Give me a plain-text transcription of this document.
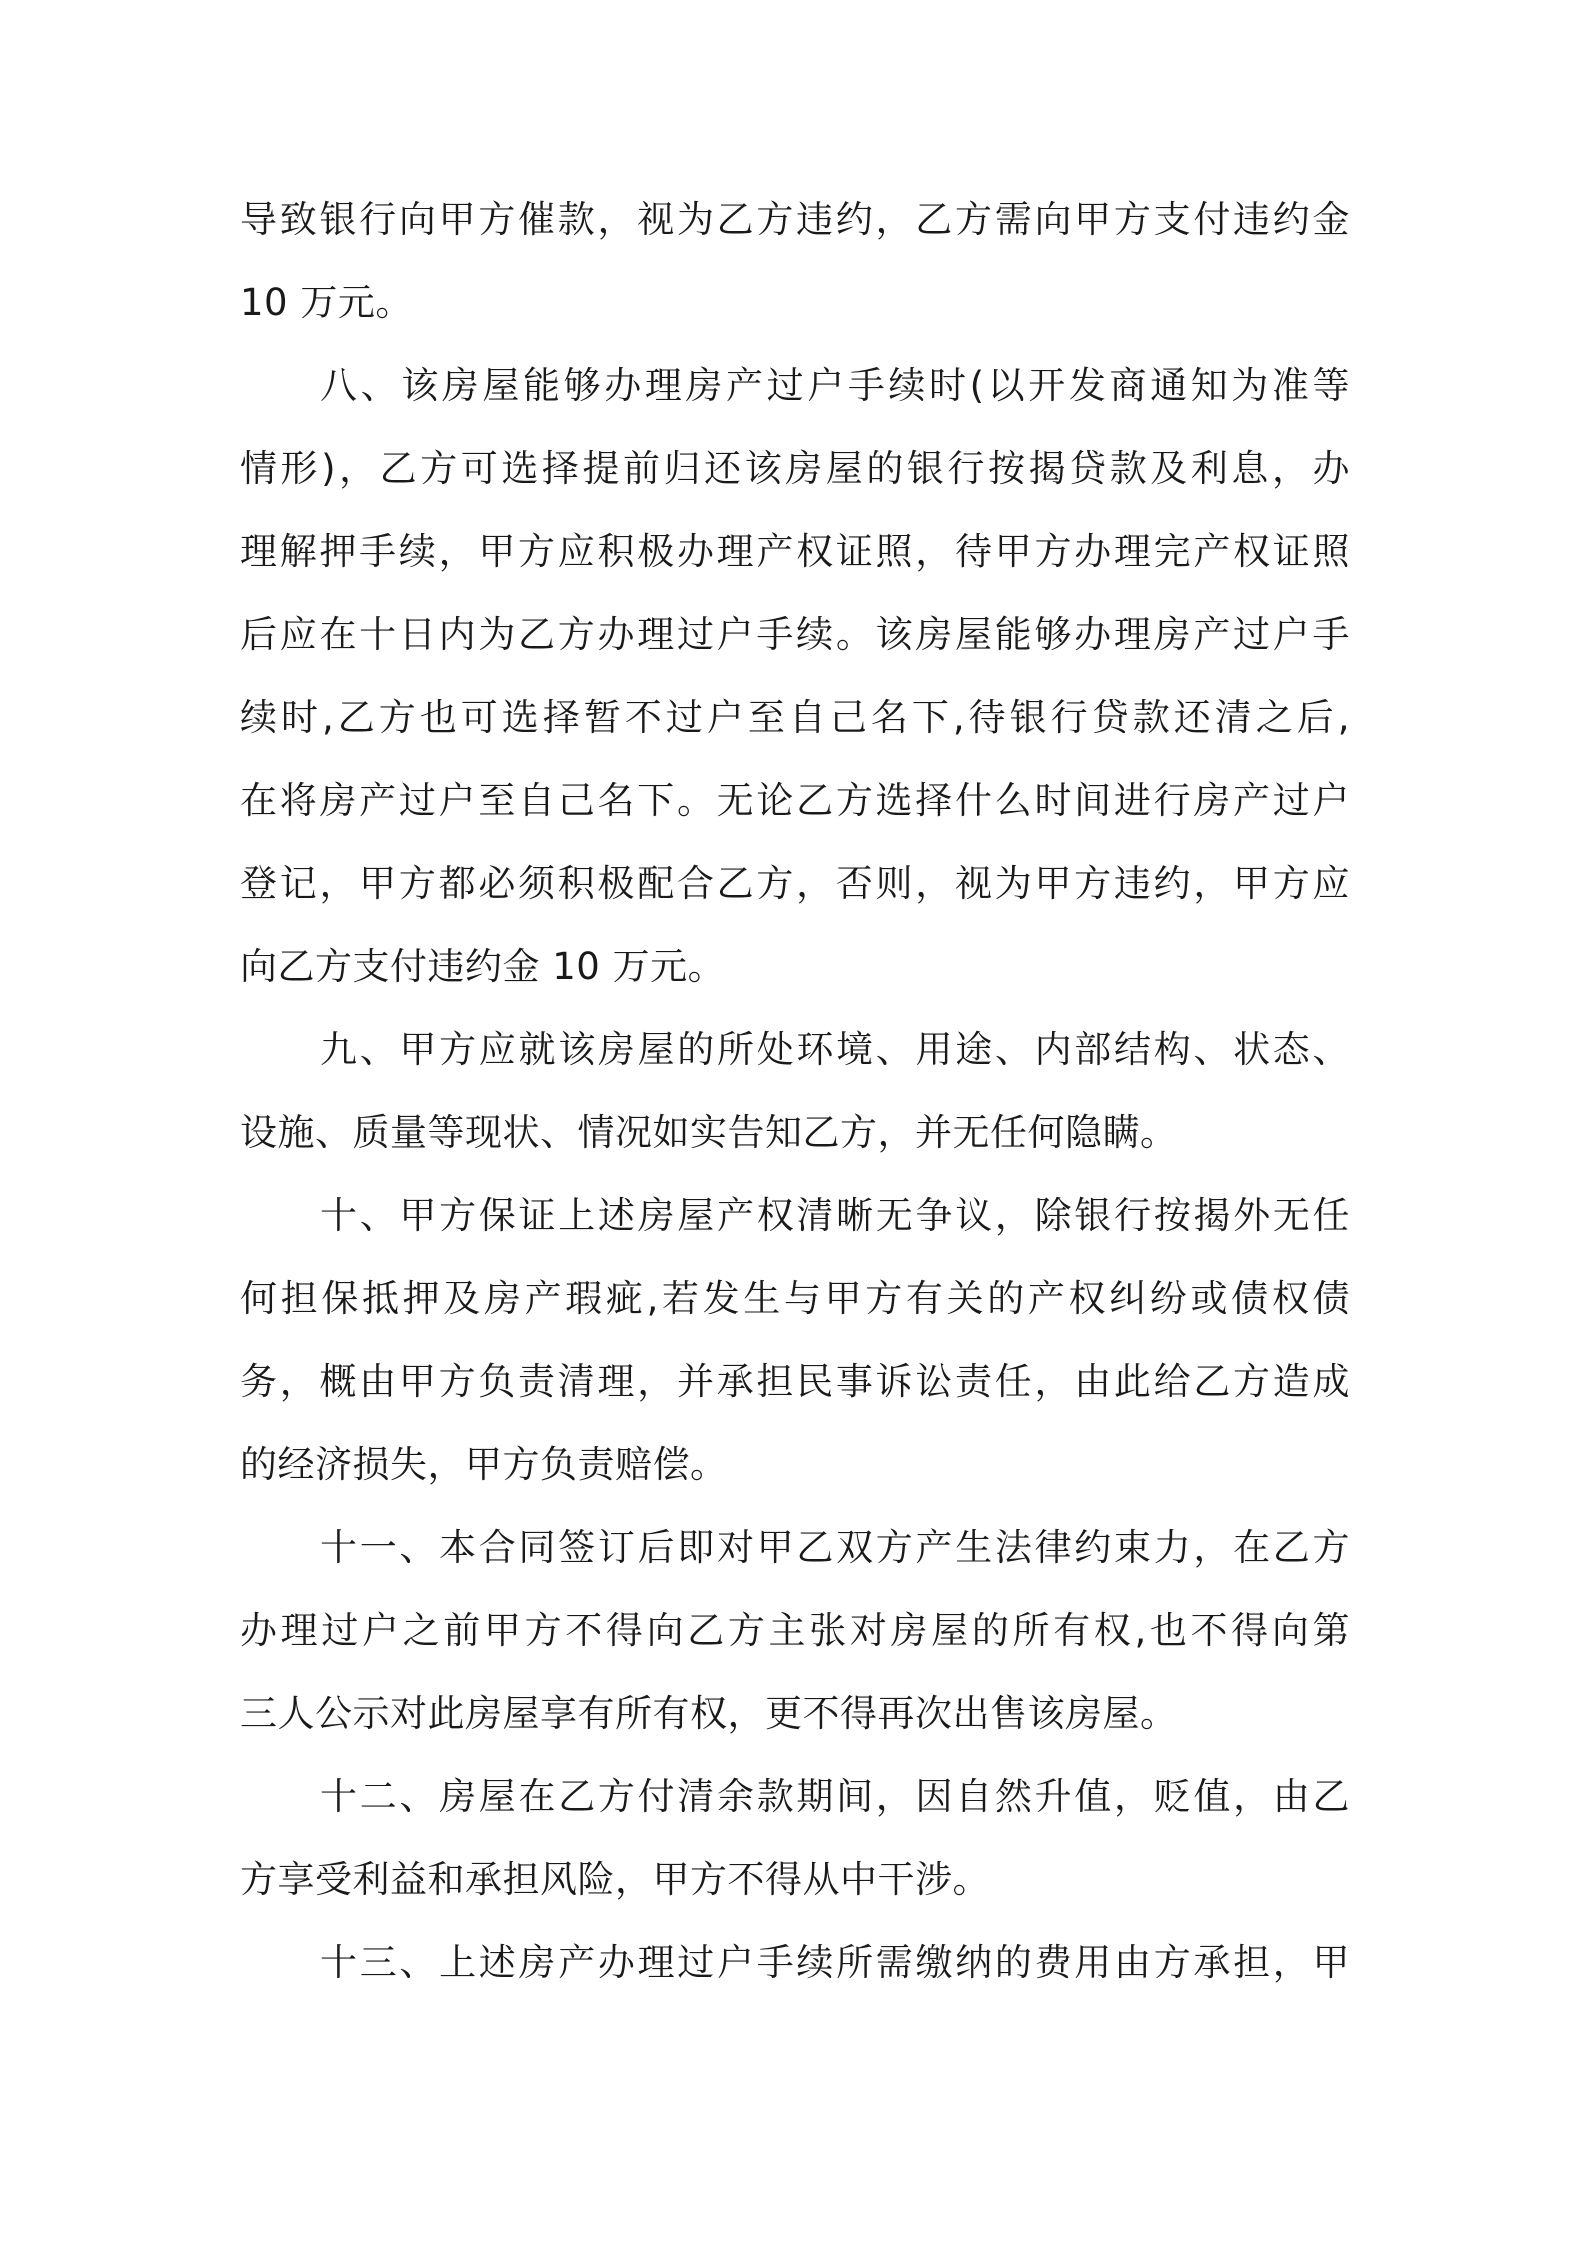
导致银行向甲方催款，视为乙方违约，乙方需向甲方支付违约金
10 万元。
八、该房屋能够办理房产过户手续时(以开发商通知为准等
情形)，乙方可选择提前归还该房屋的银行按揭贷款及利息，办
理解押手续，甲方应积极办理产权证照，待甲方办理完产权证照
后应在十日内为乙方办理过户手续。该房屋能够办理房产过户手
续时,乙方也可选择暂不过户至自己名下,待银行贷款还清之后,
在将房产过户至自己名下。无论乙方选择什么时间进行房产过户
登记，甲方都必须积极配合乙方，否则，视为甲方违约，甲方应
向乙方支付违约金 10 万元。
九、甲方应就该房屋的所处环境、用途、内部结构、状态、
设施、质量等现状、情况如实告知乙方，并无任何隐瞒。
十、甲方保证上述房屋产权清晰无争议，除银行按揭外无任
何担保抵押及房产瑕疵,若发生与甲方有关的产权纠纷或债权债
务，概由甲方负责清理，并承担民事诉讼责任，由此给乙方造成
的经济损失，甲方负责赔偿。
十一、本合同签订后即对甲乙双方产生法律约束力，在乙方
办理过户之前甲方不得向乙方主张对房屋的所有权,也不得向第
三人公示对此房屋享有所有权，更不得再次出售该房屋。
十二、房屋在乙方付清余款期间，因自然升值，贬值，由乙
方享受利益和承担风险，甲方不得从中干涉。
十三、上述房产办理过户手续所需缴纳的费用由方承担，甲
